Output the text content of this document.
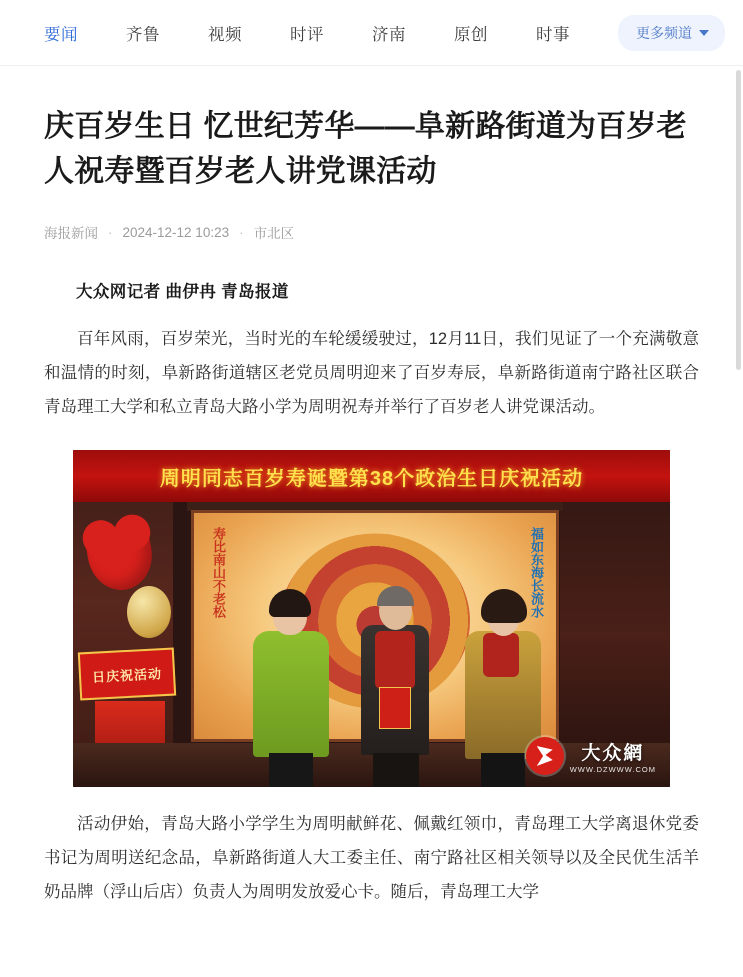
要闻	齐鲁	视频	时评	济南	原创	时事	更多频道
庆百岁生日 忆世纪芳华——阜新路街道为百岁老人祝寿暨百岁老人讲党课活动
海报新闻 · 2024-12-12 10:23 · 市北区
大众网记者 曲伊冉 青岛报道

百年风雨，百岁荣光，当时光的车轮缓缓驶过，12月11日，我们见证了一个充满敬意和温情的时刻，阜新路街道辖区老党员周明迎来了百岁寿辰，阜新路街道南宁路社区联合青岛理工大学和私立青岛大路小学为周明祝寿并举行了百岁老人讲党课活动。

周明同志百岁寿诞暨第38个政治生日庆祝活动
寿比南山不老松	福如东海长流水
日庆祝活动
大众網
WWW.DZWWW.COM

活动伊始，青岛大路小学学生为周明献鲜花、佩戴红领巾，青岛理工大学离退休党委书记为周明送纪念品，阜新路街道人大工委主任、南宁路社区相关领导以及全民优生活羊奶品牌（浮山后店）负责人为周明发放爱心卡。随后，青岛理工大学
